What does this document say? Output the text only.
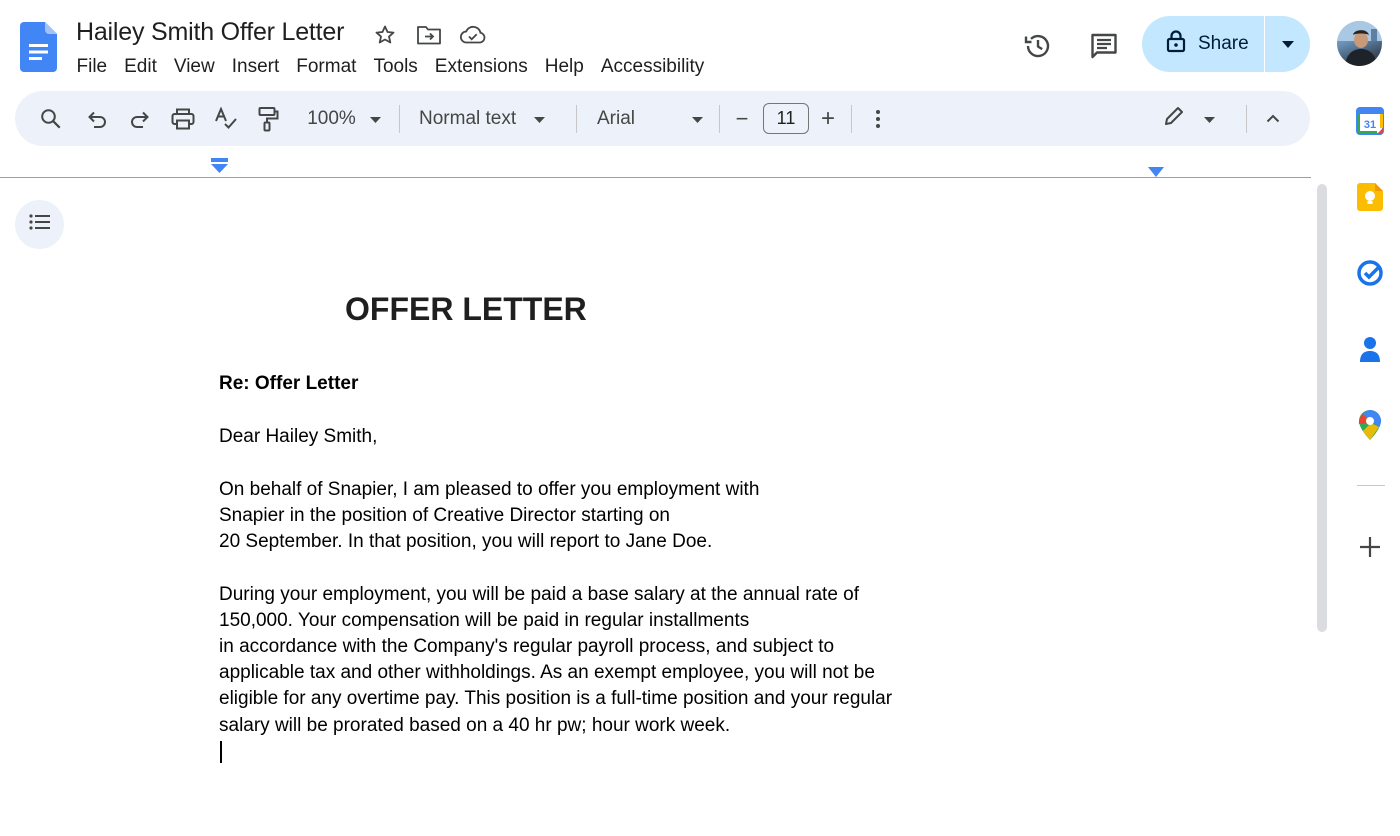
Hailey Smith Offer Letter
File Edit View Insert Format Tools Extensions Help Accessibility
Share
100%	Normal text	Arial	−	11	+	31
OFFER LETTER
Re: Offer Letter
Dear Hailey Smith,
On behalf of Snapier, I am pleased to offer you employment with
Snapier in the position of Creative Director starting on
20 September. In that position, you will report to Jane Doe.
During your employment, you will be paid a base salary at the annual rate of
150,000. Your compensation will be paid in regular installments
in accordance with the Company's regular payroll process, and subject to
applicable tax and other withholdings. As an exempt employee, you will not be
eligible for any overtime pay. This position is a full-time position and your regular
salary will be prorated based on a 40 hr pw; hour work week.
